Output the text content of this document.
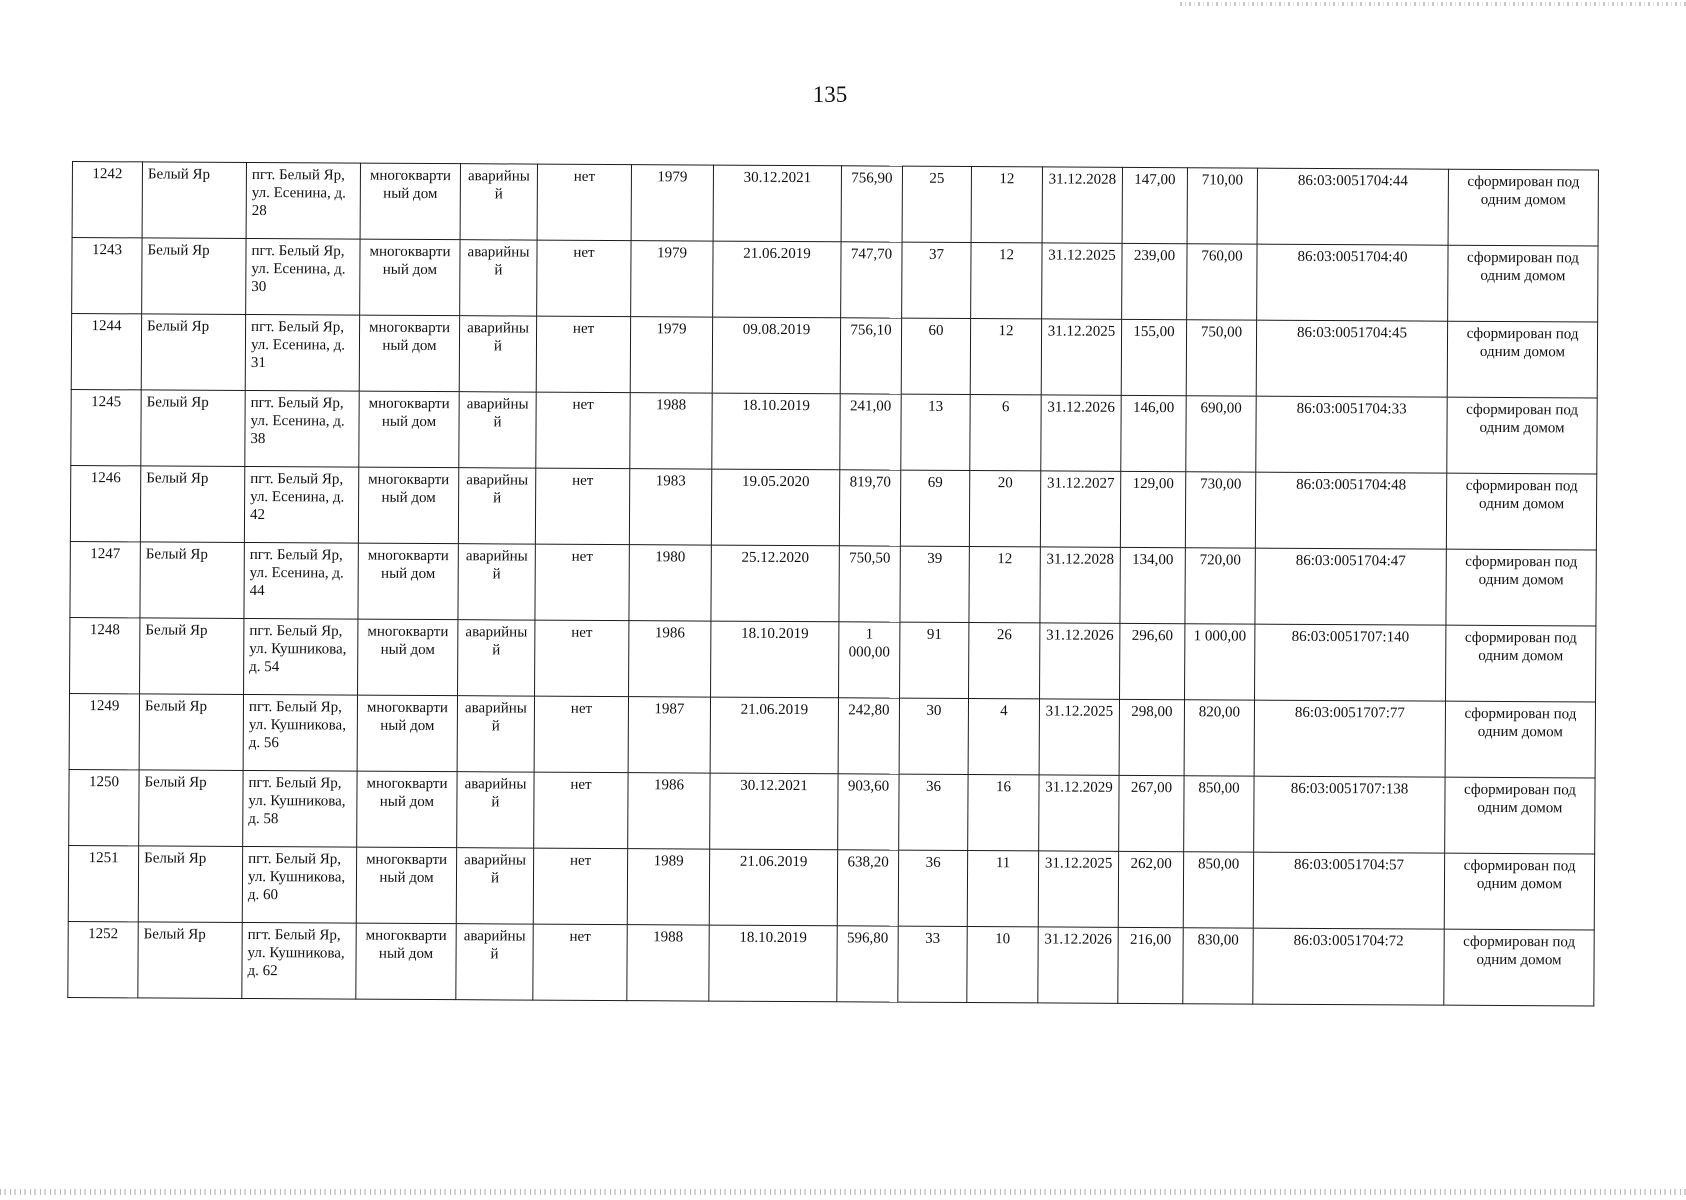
135
1242	Белый Яр	пгт. Белый Яр, ул. Есенина, д. 28	многоквартиный дом	аварийный	нет	1979	30.12.2021	756,90	25	12	31.12.2028	147,00	710,00	86:03:0051704:44	сформирован под одним домом
1243	Белый Яр	пгт. Белый Яр, ул. Есенина, д. 30	многоквартиный дом	аварийный	нет	1979	21.06.2019	747,70	37	12	31.12.2025	239,00	760,00	86:03:0051704:40	сформирован под одним домом
1244	Белый Яр	пгт. Белый Яр, ул. Есенина, д. 31	многоквартиный дом	аварийный	нет	1979	09.08.2019	756,10	60	12	31.12.2025	155,00	750,00	86:03:0051704:45	сформирован под одним домом
1245	Белый Яр	пгт. Белый Яр, ул. Есенина, д. 38	многоквартиный дом	аварийный	нет	1988	18.10.2019	241,00	13	6	31.12.2026	146,00	690,00	86:03:0051704:33	сформирован под одним домом
1246	Белый Яр	пгт. Белый Яр, ул. Есенина, д. 42	многоквартиный дом	аварийный	нет	1983	19.05.2020	819,70	69	20	31.12.2027	129,00	730,00	86:03:0051704:48	сформирован под одним домом
1247	Белый Яр	пгт. Белый Яр, ул. Есенина, д. 44	многоквартиный дом	аварийный	нет	1980	25.12.2020	750,50	39	12	31.12.2028	134,00	720,00	86:03:0051704:47	сформирован под одним домом
1248	Белый Яр	пгт. Белый Яр, ул. Кушникова, д. 54	многоквартиный дом	аварийный	нет	1986	18.10.2019	1 000,00	91	26	31.12.2026	296,60	1 000,00	86:03:0051707:140	сформирован под одним домом
1249	Белый Яр	пгт. Белый Яр, ул. Кушникова, д. 56	многоквартиный дом	аварийный	нет	1987	21.06.2019	242,80	30	4	31.12.2025	298,00	820,00	86:03:0051707:77	сформирован под одним домом
1250	Белый Яр	пгт. Белый Яр, ул. Кушникова, д. 58	многоквартиный дом	аварийный	нет	1986	30.12.2021	903,60	36	16	31.12.2029	267,00	850,00	86:03:0051707:138	сформирован под одним домом
1251	Белый Яр	пгт. Белый Яр, ул. Кушникова, д. 60	многоквартиный дом	аварийный	нет	1989	21.06.2019	638,20	36	11	31.12.2025	262,00	850,00	86:03:0051704:57	сформирован под одним домом
1252	Белый Яр	пгт. Белый Яр, ул. Кушникова, д. 62	многоквартиный дом	аварийный	нет	1988	18.10.2019	596,80	33	10	31.12.2026	216,00	830,00	86:03:0051704:72	сформирован под одним домом
